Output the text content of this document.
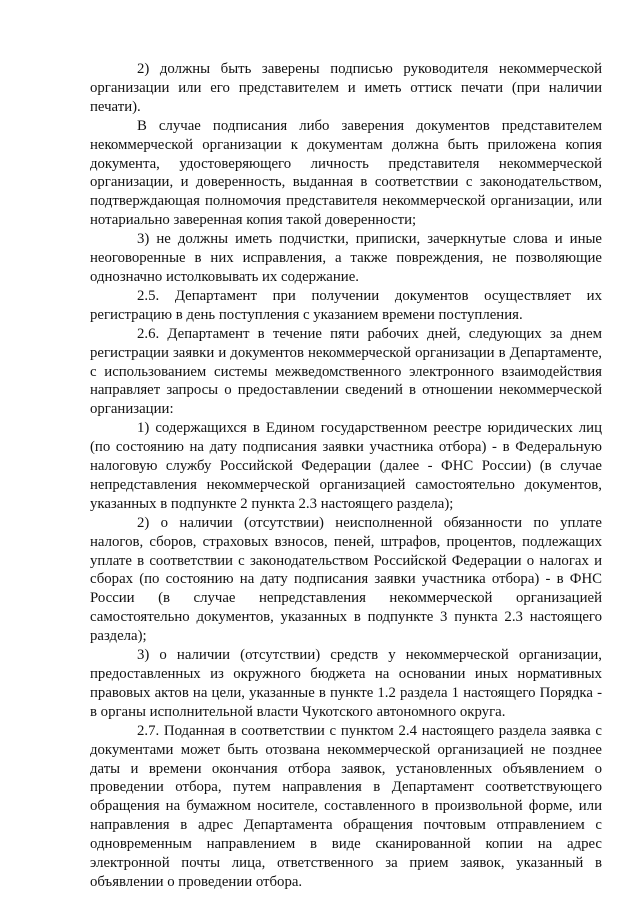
2) должны быть заверены подписью руководителя некоммерческой организации или его представителем и иметь оттиск печати (при наличии печати).

В случае подписания либо заверения документов представителем некоммерческой организации к документам должна быть приложена копия документа, удостоверяющего личность представителя некоммерческой организации, и доверенность, выданная в соответствии с законодательством, подтверждающая полномочия представителя некоммерческой организации, или нотариально заверенная копия такой доверенности;

3) не должны иметь подчистки, приписки, зачеркнутые слова и иные неоговоренные в них исправления, а также повреждения, не позволяющие однозначно истолковывать их содержание.

2.5. Департамент при получении документов осуществляет их регистрацию в день поступления с указанием времени поступления.

2.6. Департамент в течение пяти рабочих дней, следующих за днем регистрации заявки и документов некоммерческой организации в Департаменте, с использованием системы межведомственного электронного взаимодействия направляет запросы о предоставлении сведений в отношении некоммерческой организации:

1) содержащихся в Едином государственном реестре юридических лиц (по состоянию на дату подписания заявки участника отбора) - в Федеральную налоговую службу Российской Федерации (далее - ФНС России) (в случае непредставления некоммерческой организацией самостоятельно документов, указанных в подпункте 2 пункта 2.3 настоящего раздела);

2) о наличии (отсутствии) неисполненной обязанности по уплате налогов, сборов, страховых взносов, пеней, штрафов, процентов, подлежащих уплате в соответствии с законодательством Российской Федерации о налогах и сборах (по состоянию на дату подписания заявки участника отбора) - в ФНС России (в случае непредставления некоммерческой организацией самостоятельно документов, указанных в подпункте 3 пункта 2.3 настоящего раздела);

3) о наличии (отсутствии) средств у некоммерческой организации, предоставленных из окружного бюджета на основании иных нормативных правовых актов на цели, указанные в пункте 1.2 раздела 1 настоящего Порядка - в органы исполнительной власти Чукотского автономного округа.

2.7. Поданная в соответствии с пунктом 2.4 настоящего раздела заявка с документами может быть отозвана некоммерческой организацией не позднее даты и времени окончания отбора заявок, установленных объявлением о проведении отбора, путем направления в Департамент соответствующего обращения на бумажном носителе, составленного в произвольной форме, или направления в адрес Департамента обращения почтовым отправлением с одновременным направлением в виде сканированной копии на адрес электронной почты лица, ответственного за прием заявок, указанный в объявлении о проведении отбора.
